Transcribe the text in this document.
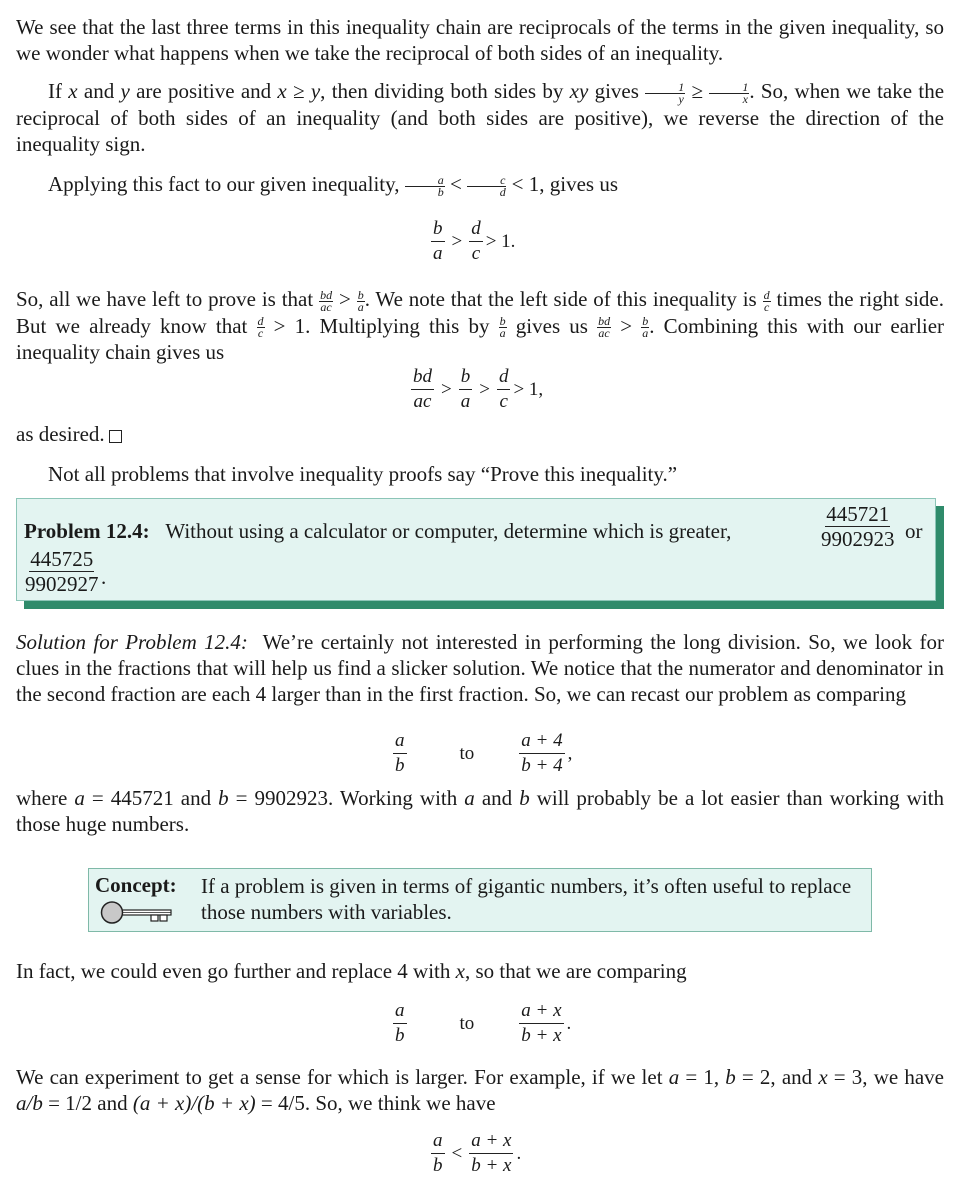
We see that the last three terms in this inequality chain are reciprocals of the terms in the given inequality, so we wonder what happens when we take the reciprocal of both sides of an inequality.
If x and y are positive and x ≥ y, then dividing both sides by xy gives $\frac{1}{y} \ge \frac{1}{x}$ . So, when we take the reciprocal of both sides of an inequality (and both sides are positive), we reverse the direction of the inequality sign.
Applying this fact to our given inequality, $\frac{a}{b} < \frac{c}{d} < 1$, gives us
$\frac{b}{a} > \frac{d}{c} > 1$.
So, all we have left to prove is that $\frac{bd}{ac} > \frac{b}{a}$ . We note that the left side of this inequality is $\frac{d}{c}$ times the right side. But we already know that $\frac{d}{c} > 1$. Multiplying this by $\frac{b}{a}$ gives us $\frac{bd}{ac} > \frac{b}{a}$ . Combining this with our earlier inequality chain gives us
$\frac{bd}{ac} > \frac{b}{a} > \frac{d}{c} > 1$,
as desired.
Not all problems that involve inequality proofs say “Prove this inequality.”
Problem 12.4: Without using a calculator or computer, determine which is greater,	$\frac{445721}{9902923}$ or
$\frac{445725}{9902927}$ .
Solution for Problem 12.4: We’re certainly not interested in performing the long division. So, we look for clues in the fractions that will help us find a slicker solution. We notice that the numerator and denominator in the second fraction are each 4 larger than in the first fraction. So, we can recast our problem as comparing
$\frac{a}{b}$	to $\frac{a + 4}{b + 4}$ ,
where a = 445721 and b = 9902923. Working with a and b will probably be a lot easier than working with those huge numbers.
Concept: If a problem is given in terms of gigantic numbers, it’s often useful to replace those numbers with variables.
In fact, we could even go further and replace 4 with x, so that we are comparing
$\frac{a}{b}$	to $\frac{a + x}{b + x}$ .
We can experiment to get a sense for which is larger. For example, if we let a = 1, b = 2, and x = 3, we have a/b = 1/2 and (a + x)/(b + x) = 4/5. So, we think we have
$\frac{a}{b} < \frac{a + x}{b + x}$ .
